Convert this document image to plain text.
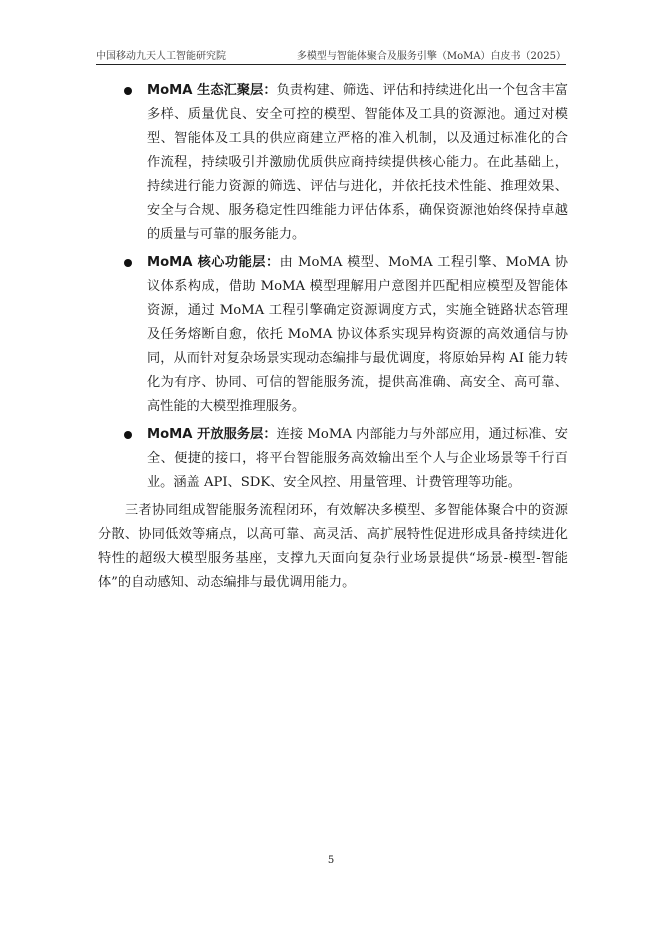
中国移动九天人工智能研究院	多模型与智能体聚合及服务引擎（MoMA）白皮书（2025）
MoMA 生态汇聚层：负责构建、筛选、评估和持续进化出一个包含丰富多样、质量优良、安全可控的模型、智能体及工具的资源池。通过对模型、智能体及工具的供应商建立严格的准入机制，以及通过标准化的合作流程，持续吸引并激励优质供应商持续提供核心能力。在此基础上，持续进行能力资源的筛选、评估与进化，并依托技术性能、推理效果、安全与合规、服务稳定性四维能力评估体系，确保资源池始终保持卓越的质量与可靠的服务能力。
MoMA 核心功能层：由 MoMA 模型、MoMA 工程引擎、MoMA 协议体系构成，借助 MoMA 模型理解用户意图并匹配相应模型及智能体资源，通过 MoMA 工程引擎确定资源调度方式，实施全链路状态管理及任务熔断自愈，依托 MoMA 协议体系实现异构资源的高效通信与协同，从而针对复杂场景实现动态编排与最优调度，将原始异构 AI 能力转化为有序、协同、可信的智能服务流，提供高准确、高安全、高可靠、高性能的大模型推理服务。
MoMA 开放服务层：连接 MoMA 内部能力与外部应用，通过标准、安全、便捷的接口，将平台智能服务高效输出至个人与企业场景等千行百业。涵盖 API、SDK、安全风控、用量管理、计费管理等功能。

三者协同组成智能服务流程闭环，有效解决多模型、多智能体聚合中的资源分散、协同低效等痛点，以高可靠、高灵活、高扩展特性促进形成具备持续进化特性的超级大模型服务基座，支撑九天面向复杂行业场景提供“场景-模型-智能体”的自动感知、动态编排与最优调用能力。

5
